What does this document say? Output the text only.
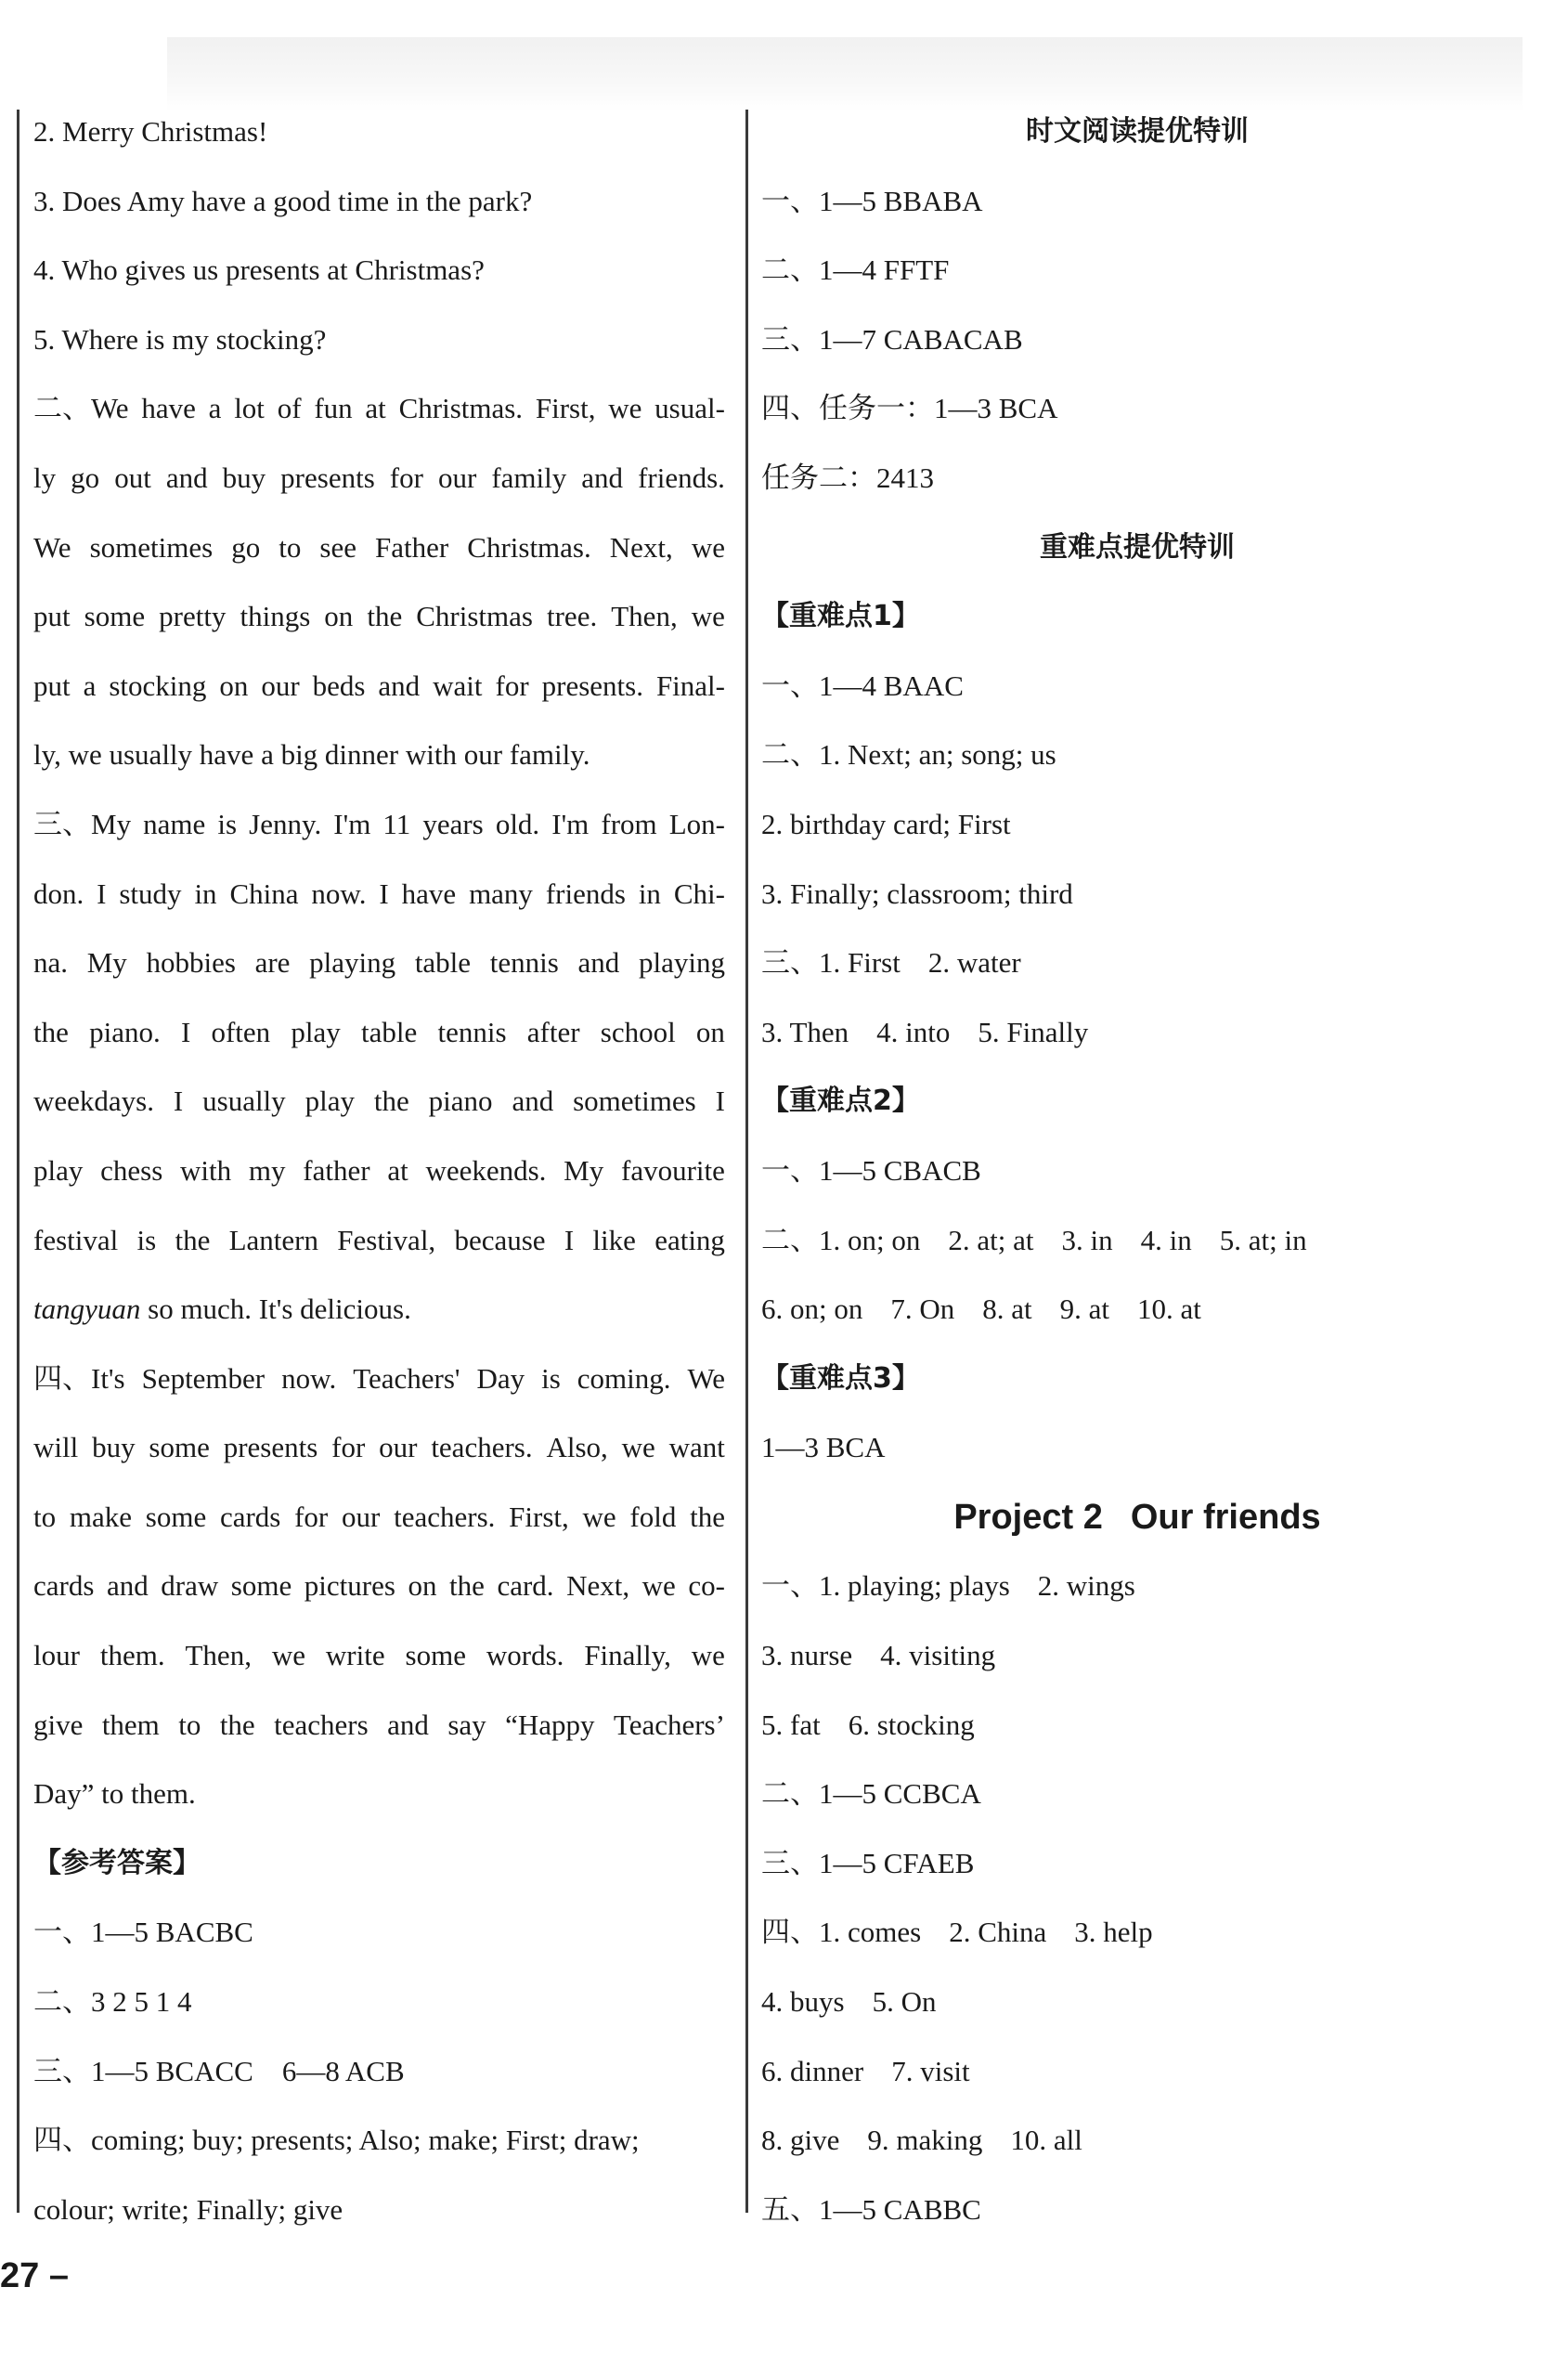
2. Merry Christmas!
3. Does Amy have a good time in the park?
4. Who gives us presents at Christmas?
5. Where is my stocking?
二、We have a lot of fun at Christmas. First, we usual-
ly go out and buy presents for our family and friends.
We sometimes go to see Father Christmas. Next, we
put some pretty things on the Christmas tree. Then, we
put a stocking on our beds and wait for presents. Final-
ly, we usually have a big dinner with our family.
三、My name is Jenny. I'm 11 years old. I'm from Lon-
don. I study in China now. I have many friends in Chi-
na. My hobbies are playing table tennis and playing
the piano. I often play table tennis after school on
weekdays. I usually play the piano and sometimes I
play chess with my father at weekends. My favourite
festival is the Lantern Festival, because I like eating
tangyuan so much. It's delicious.
四、It's September now. Teachers' Day is coming. We
will buy some presents for our teachers. Also, we want
to make some cards for our teachers. First, we fold the
cards and draw some pictures on the card. Next, we co-
lour them. Then, we write some words. Finally, we
give them to the teachers and say “Happy Teachers’
Day” to them.
【参考答案】
一、1—5 BACBC
二、3 2 5 1 4
三、1—5 BCACC　6—8 ACB
四、coming; buy; presents; Also; make; First; draw;
colour; write; Finally; give
时文阅读提优特训
一、1—5 BBABA
二、1—4 FFTF
三、1—7 CABACAB
四、任务一：1—3 BCA
任务二：2413
重难点提优特训
【重难点1】
一、1—4 BAAC
二、1. Next; an; song; us
2. birthday card; First
3. Finally; classroom; third
三、1. First 2. water
3. Then 4. into 5. Finally
【重难点2】
一、1—5 CBACB
二、1. on; on 2. at; at 3. in 4. in 5. at; in
6. on; on 7. On 8. at 9. at 10. at
【重难点3】
1—3 BCA
Project 2 Our friends
一、1. playing; plays 2. wings
3. nurse 4. visiting
5. fat 6. stocking
二、1—5 CCBCA
三、1—5 CFAEB
四、1. comes 2. China 3. help
4. buys 5. On
6. dinner 7. visit
8. give 9. making 10. all
五、1—5 CABBC
27 –
